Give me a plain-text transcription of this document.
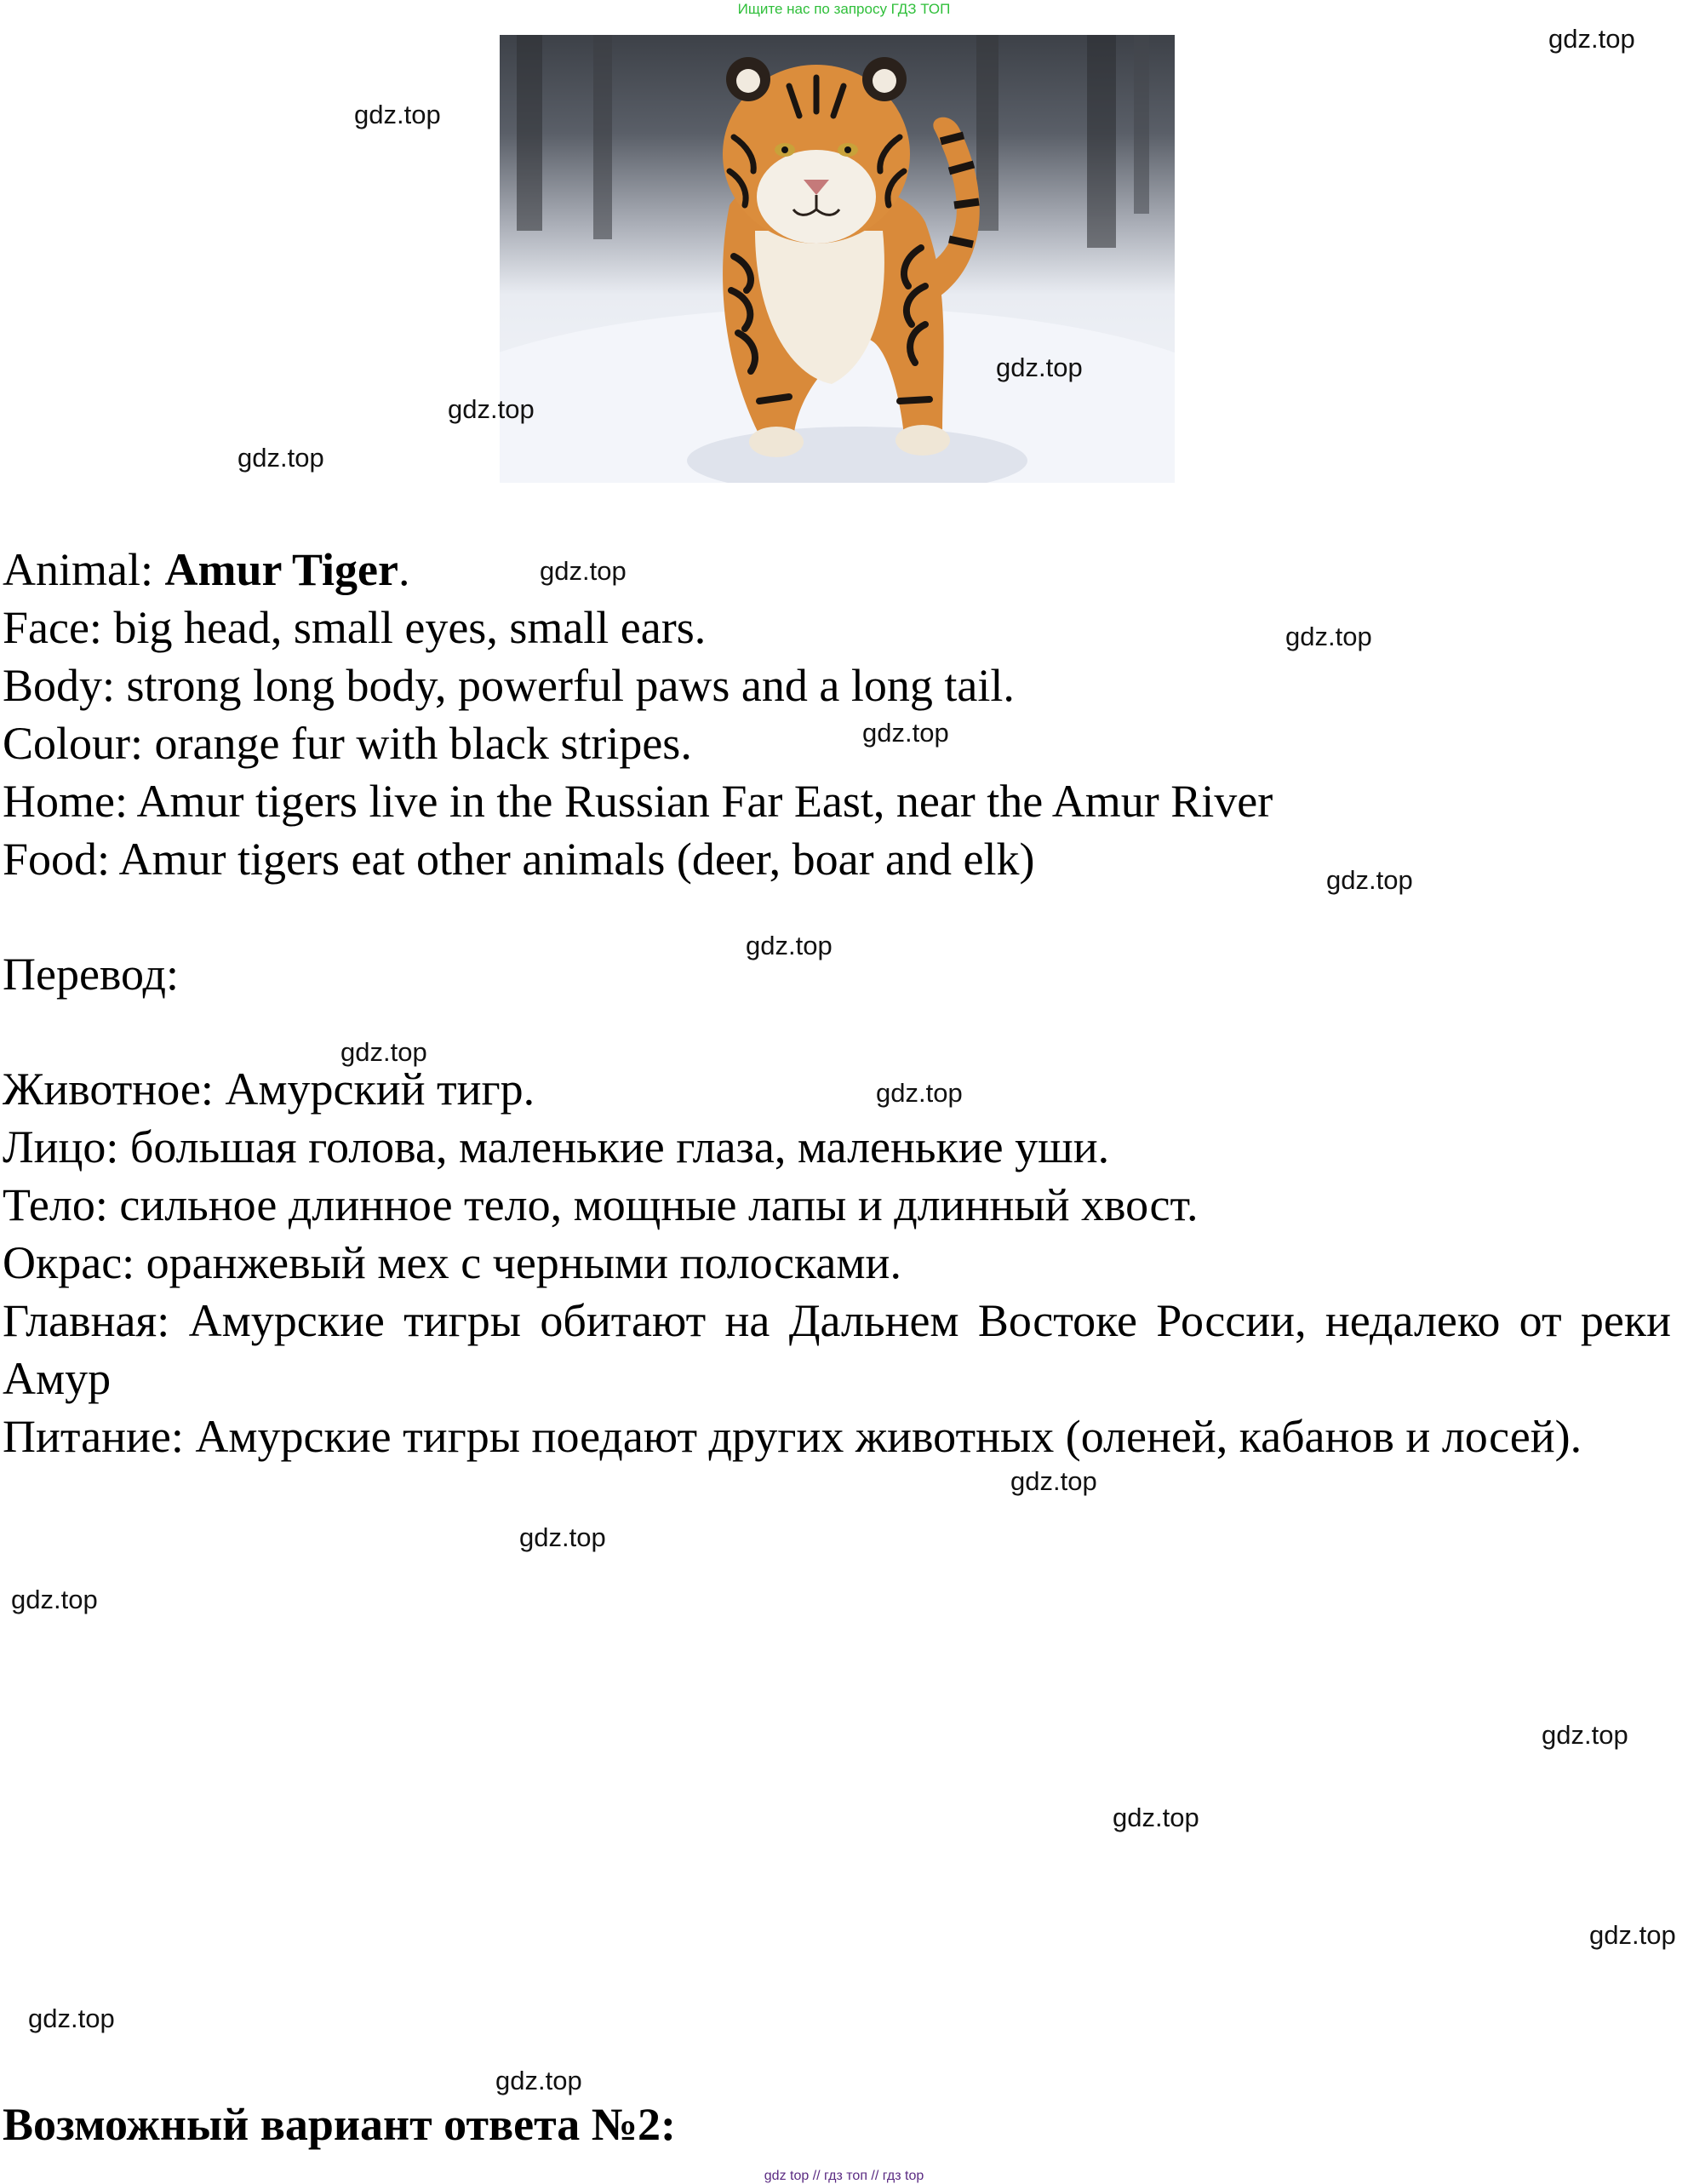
Ищите нас по запросу ГДЗ ТОП
gdz.top
gdz.top
gdz.top
gdz.top
gdz.top
gdz.top
gdz.top
gdz.top
gdz.top
gdz.top
gdz.top
gdz.top
gdz.top
gdz.top
gdz.top
gdz.top
gdz.top
gdz.top
gdz.top
gdz.top
Animal: Amur Tiger.
Face: big head, small eyes, small ears.
Body: strong long body, powerful paws and a long tail.
Colour: orange fur with black stripes.
Home: Amur tigers live in the Russian Far East, near the Amur River
Food: Amur tigers eat other animals (deer, boar and elk)
Перевод:
Животное: Амурский тигр.
Лицо: большая голова, маленькие глаза, маленькие уши.
Тело: сильное длинное тело, мощные лапы и длинный хвост.
Окрас: оранжевый мех с черными полосками.
Главная: Амурские тигры обитают на Дальнем Востоке России, недалеко от реки Амур
Питание: Амурские тигры поедают других животных (оленей, кабанов и лосей).
Возможный вариант ответа №2:
gdz top // гдз топ // гдз top
